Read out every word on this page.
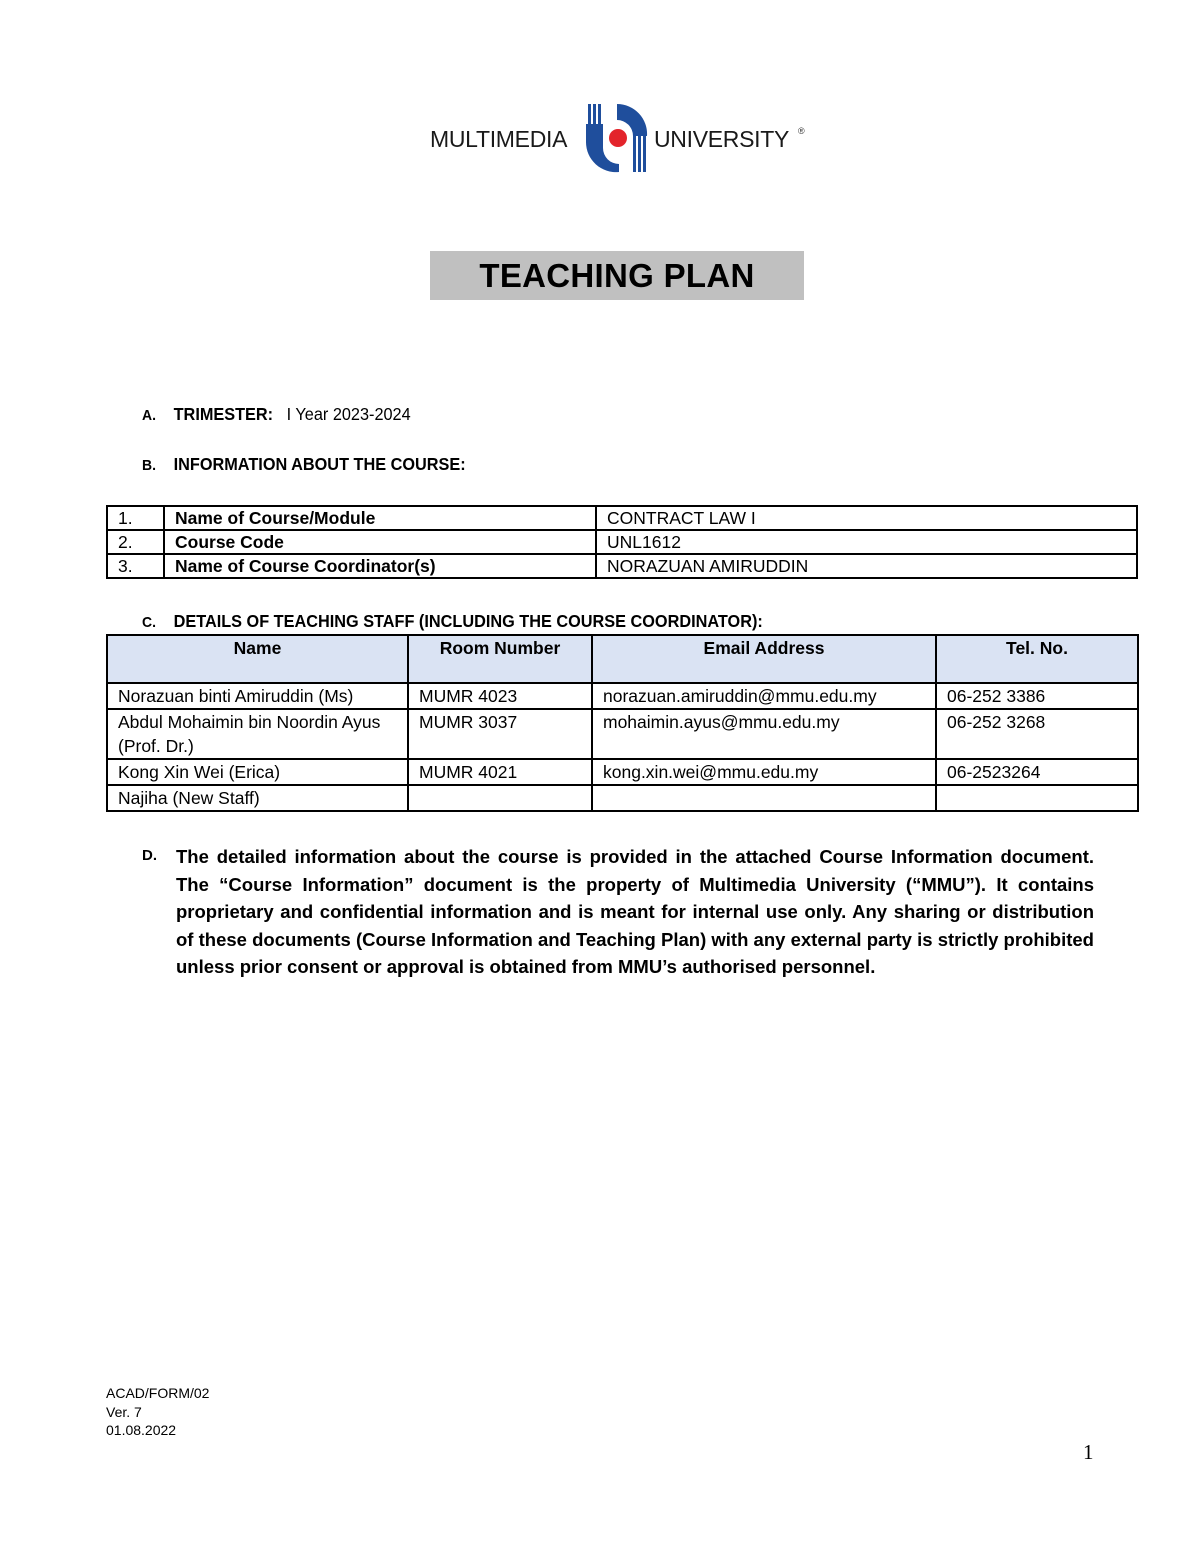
MULTIMEDIA	UNIVERSITY ®
TEACHING PLAN
A. TRIMESTER: I Year 2023-2024
B. INFORMATION ABOUT THE COURSE:
1.	Name of Course/Module	CONTRACT LAW I
2.	Course Code	UNL1612
3.	Name of Course Coordinator(s)	NORAZUAN AMIRUDDIN
C. DETAILS OF TEACHING STAFF (INCLUDING THE COURSE COORDINATOR):
Name	Room Number	Email Address	Tel. No.
Norazuan binti Amiruddin (Ms)	MUMR 4023	norazuan.amiruddin@mmu.edu.my	06-252 3386
Abdul Mohaimin bin Noordin Ayus (Prof. Dr.)	MUMR 3037	mohaimin.ayus@mmu.edu.my	06-252 3268
Kong Xin Wei (Erica)	MUMR 4021	kong.xin.wei@mmu.edu.my	06-2523264
Najiha (New Staff)			
D. The detailed information about the course is provided in the attached Course Information document. The “Course Information” document is the property of Multimedia University (“MMU”). It contains proprietary and confidential information and is meant for internal use only. Any sharing or distribution of these documents (Course Information and Teaching Plan) with any external party is strictly prohibited unless prior consent or approval is obtained from MMU’s authorised personnel.
ACAD/FORM/02
Ver. 7
01.08.2022
1
